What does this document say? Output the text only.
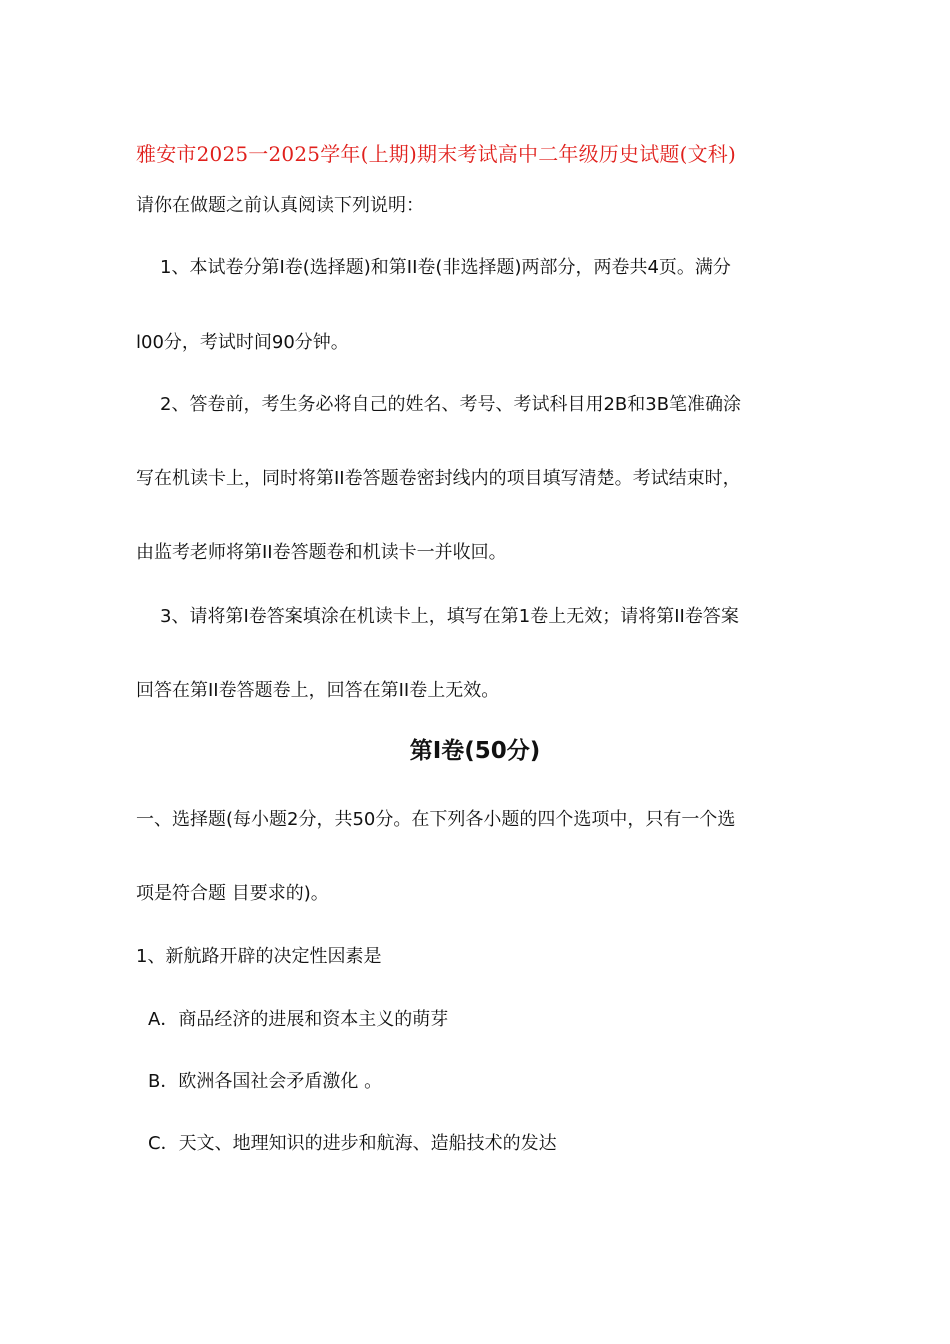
雅安市2025一2025学年(上期)期末考试高中二年级历史试题(文科)
请你在做题之前认真阅读下列说明：
1、本试卷分第I卷(选择题)和第II卷(非选择题)两部分，两卷共4页。满分
l00分，考试时间90分钟。
2、答卷前，考生务必将自己的姓名、考号、考试科目用2B和3B笔准确涂
写在机读卡上，同时将第II卷答题卷密封线内的项目填写清楚。考试结束时，
由监考老师将第II卷答题卷和机读卡一并收回。
3、请将第I卷答案填涂在机读卡上，填写在第1卷上无效；请将第II卷答案
回答在第II卷答题卷上，回答在第II卷上无效。
第I卷(50分)
一、选择题(每小题2分，共50分。在下列各小题的四个选项中，只有一个选
项是符合题 目要求的)。
1、新航路开辟的决定性因素是
A．商品经济的进展和资本主义的萌芽
B．欧洲各国社会矛盾激化 。
C．天文、地理知识的进步和航海、造船技术的发达
